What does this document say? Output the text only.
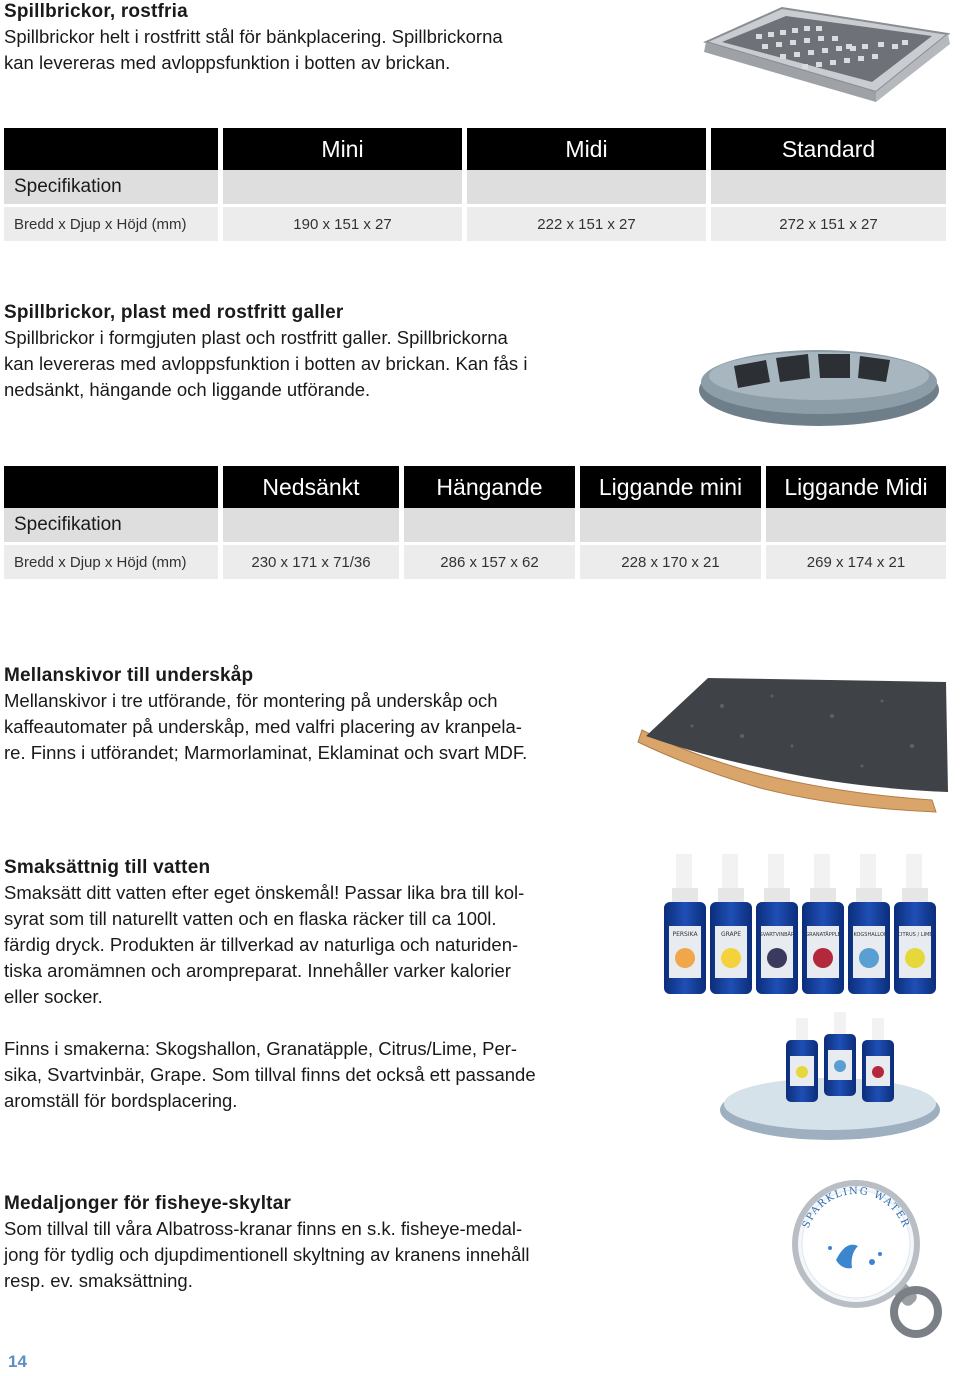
Spillbrickor, rostfria

Spillbrickor helt i rostfritt stål för bänkplacering. Spillbrickorna

kan levereras med avloppsfunktion i botten av brickan.

	Mini	Midi	Standard
Specifikation			
Bredd x Djup x Höjd (mm)	190 x 151 x 27	222 x 151 x 27	272 x 151 x 27
Spillbrickor, plast med rostfritt galler

Spillbrickor i formgjuten plast och rostfritt galler. Spillbrickorna

kan levereras med avloppsfunktion i botten av brickan. Kan fås i

nedsänkt, hängande och liggande utförande.

	Nedsänkt	Hängande	Liggande mini	Liggande Midi
Specifikation				
Bredd x Djup x Höjd (mm)	230 x 171 x 71/36	286 x 157 x 62	228 x 170 x 21	269 x 174 x 21
Mellanskivor till underskåp

Mellanskivor i tre utförande, för montering på underskåp och

kaffeautomater på underskåp, med valfri placering av kranpela-

re. Finns i utförandet; Marmorlaminat, Eklaminat och svart MDF.

Smaksättnig till vatten

Smaksätt ditt vatten efter eget önskemål! Passar lika bra till kol-

syrat som till naturellt vatten och en flaska räcker till ca 100l.

färdig dryck. Produkten är tillverkad av naturliga och naturiden-

tiska aromämnen och arompreparat. Innehåller varker kalorier

eller socker.

Finns i smakerna: Skogshallon, Granatäpple, Citrus/Lime, Per-

sika, Svartvinbär, Grape. Som tillval finns det också ett passande

aromställ för bordsplacering.

PERSIKA	GRAPE	SVARTVINBÄR GRANATÄPPLE SKOGSHALLON CITRUS / LIME
Medaljonger för fisheye-skyltar

Som tillval till våra Albatross-kranar finns en s.k. fisheye-medal-

jong för tydlig och djupdimentionell skyltning av kranens innehåll

resp. ev. smaksättning.

SPARKLING WATER
14
